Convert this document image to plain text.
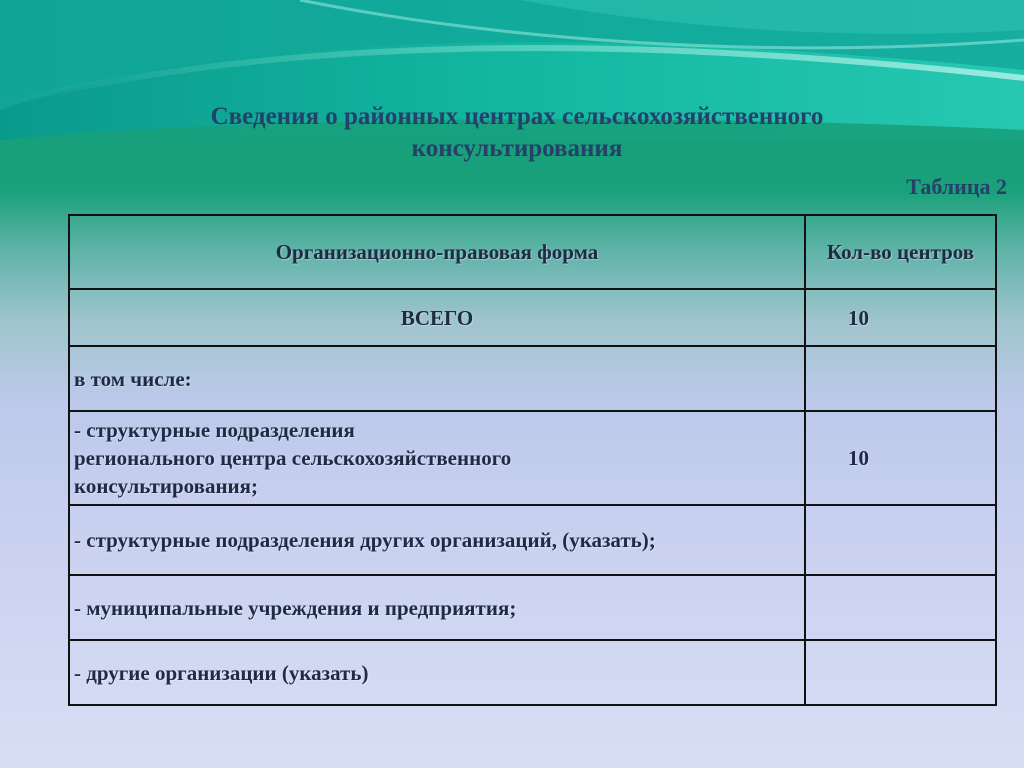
Сведения о районных центрах сельскохозяйственного
консультирования
Таблица 2
Организационно-правовая форма	Кол-во центров
ВСЕГО	10
в том числе:	

- структурные подразделения
регионального центра сельскохозяйственного
консультирования;	10
- структурные подразделения других организаций, (указать);	
- муниципальные учреждения и предприятия;	
- другие организации (указать)	
